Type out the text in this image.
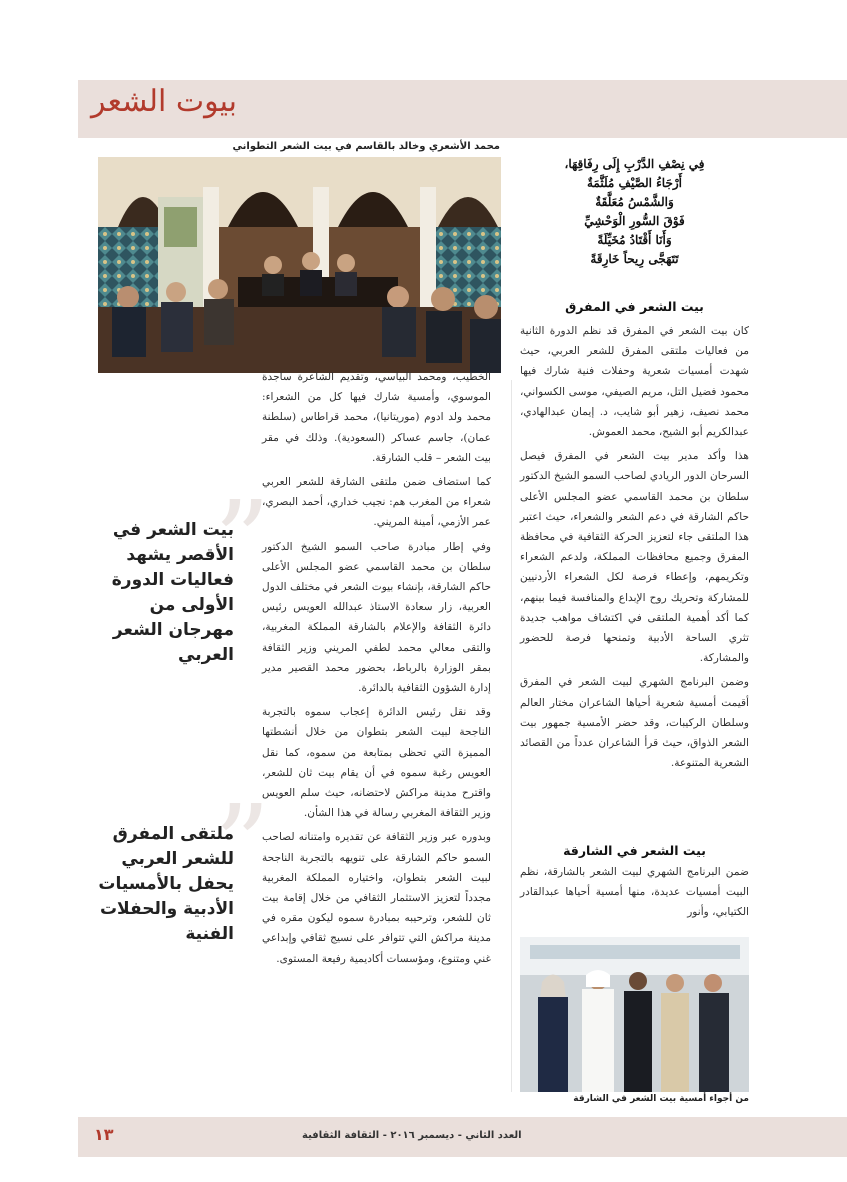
بيوت الشعر
محمد الأشعري وخالد بالقاسم في بيت الشعر التطواني
فِي نِصْفِ الدَّرْبِ إِلَى رِفَاقِهَا،
أَرْجَاءُ الصَّيْفِ مُلَثَّمَةٌ
وَالشَّمْسُ مُعَلَّقَةٌ
فَوْقَ السُّورِ الْوَحْشِيِّ
وَأَنَا أَقْتَادُ مُخَيِّلَةً
تَتَهَجَّى رِيحاً خَارِقَةً
بيت الشعر في المفرق

كان بيت الشعر في المفرق قد نظم الدورة الثانية من فعاليات ملتقى المفرق للشعر العربي، حيث شهدت أمسيات شعرية وحفلات فنية شارك فيها محمود فضيل التل، مريم الصيفي، موسى الكسواني، محمد نصيف، زهير أبو شايب، د. إيمان عبدالهادي، عبدالكريم أبو الشيح، محمد العموش.

هذا وأكد مدير بيت الشعر في المفرق فيصل السرحان الدور الريادي لصاحب السمو الشيخ الدكتور سلطان بن محمد القاسمي عضو المجلس الأعلى حاكم الشارقة في دعم الشعر والشعراء، حيث اعتبر هذا الملتقى جاء لتعزيز الحركة الثقافية في محافظة المفرق وجميع محافظات المملكة، ولدعم الشعراء وتكريمهم، وإعطاء فرصة لكل الشعراء الأردنيين للمشاركة وتحريك روح الإبداع والمنافسة فيما بينهم، كما أكد أهمية الملتقى في اكتشاف مواهب جديدة تثري الساحة الأدبية وتمنحها فرصة للحضور والمشاركة.

وضمن البرنامج الشهري لبيت الشعر في المفرق أقيمت أمسية شعرية أحياها الشاعران مختار العالم وسلطان الركيبات، وقد حضر الأمسية جمهور بيت الشعر الذواق، حيث قرأ الشاعران عدداً من القصائد الشعرية المتنوعة.

بيت الشعر في الشارقة

ضمن البرنامج الشهري لبيت الشعر بالشارقة، نظم البيت أمسيات عديدة، منها أمسية أحياها عبدالقادر الكتيابي، وأنور

الخطيب، ومحمد البياسي، وتقديم الشاعرة ساجدة الموسوي، وأمسية شارك فيها كل من الشعراء: محمد ولد ادوم (موريتانيا)، محمد قراطاس (سلطنة عمان)، جاسم عساكر (السعودية). وذلك في مقر بيت الشعر – قلب الشارقة.

كما استضاف ضمن ملتقى الشارقة للشعر العربي شعراء من المغرب هم: نجيب خداري، أحمد البصري، عمر الأزمي، أمينة المريني.

وفي إطار مبادرة صاحب السمو الشيخ الدكتور سلطان بن محمد القاسمي عضو المجلس الأعلى حاكم الشارقة، بإنشاء بيوت الشعر في مختلف الدول العربية، زار سعادة الاستاذ عبدالله العويس رئيس دائرة الثقافة والإعلام بالشارقة المملكة المغربية، والتقى معالي محمد لطفي المريني وزير الثقافة بمقر الوزارة بالرباط، بحضور محمد القصير مدير إدارة الشؤون الثقافية بالدائرة.

وقد نقل رئيس الدائرة إعجاب سموه بالتجربة الناجحة لبيت الشعر بتطوان من خلال أنشطتها المميزة التي تحظى بمتابعة من سموه، كما نقل العويس رغبة سموه في أن يقام بيت ثان للشعر، واقترح مدينة مراكش لاحتضانه، حيث سلم العويس وزير الثقافة المغربي رسالة في هذا الشأن.

وبدوره عبر وزير الثقافة عن تقديره وامتنانه لصاحب السمو حاكم الشارقة على تنويهه بالتجربة الناجحة لبيت الشعر بتطوان، واختياره المملكة المغربية مجدداً لتعزيز الاستثمار الثقافي من خلال إقامة بيت ثان للشعر، وترحيبه بمبادرة سموه ليكون مقره في مدينة مراكش التي تتوافر على نسيج ثقافي وإبداعي غني ومتنوع، ومؤسسات أكاديمية رفيعة المستوى.

”
بيت الشعر في الأقصر يشهد فعاليات الدورة الأولى من مهرجان الشعر العربي
”
ملتقى المفرق للشعر العربي يحفل بالأمسيات الأدبية والحفلات الفنية
من أجواء أمسية بيت الشعر في الشارقة
العدد الثاني - ديسمبر ٢٠١٦ - الثقافة الثقافية
١٣
